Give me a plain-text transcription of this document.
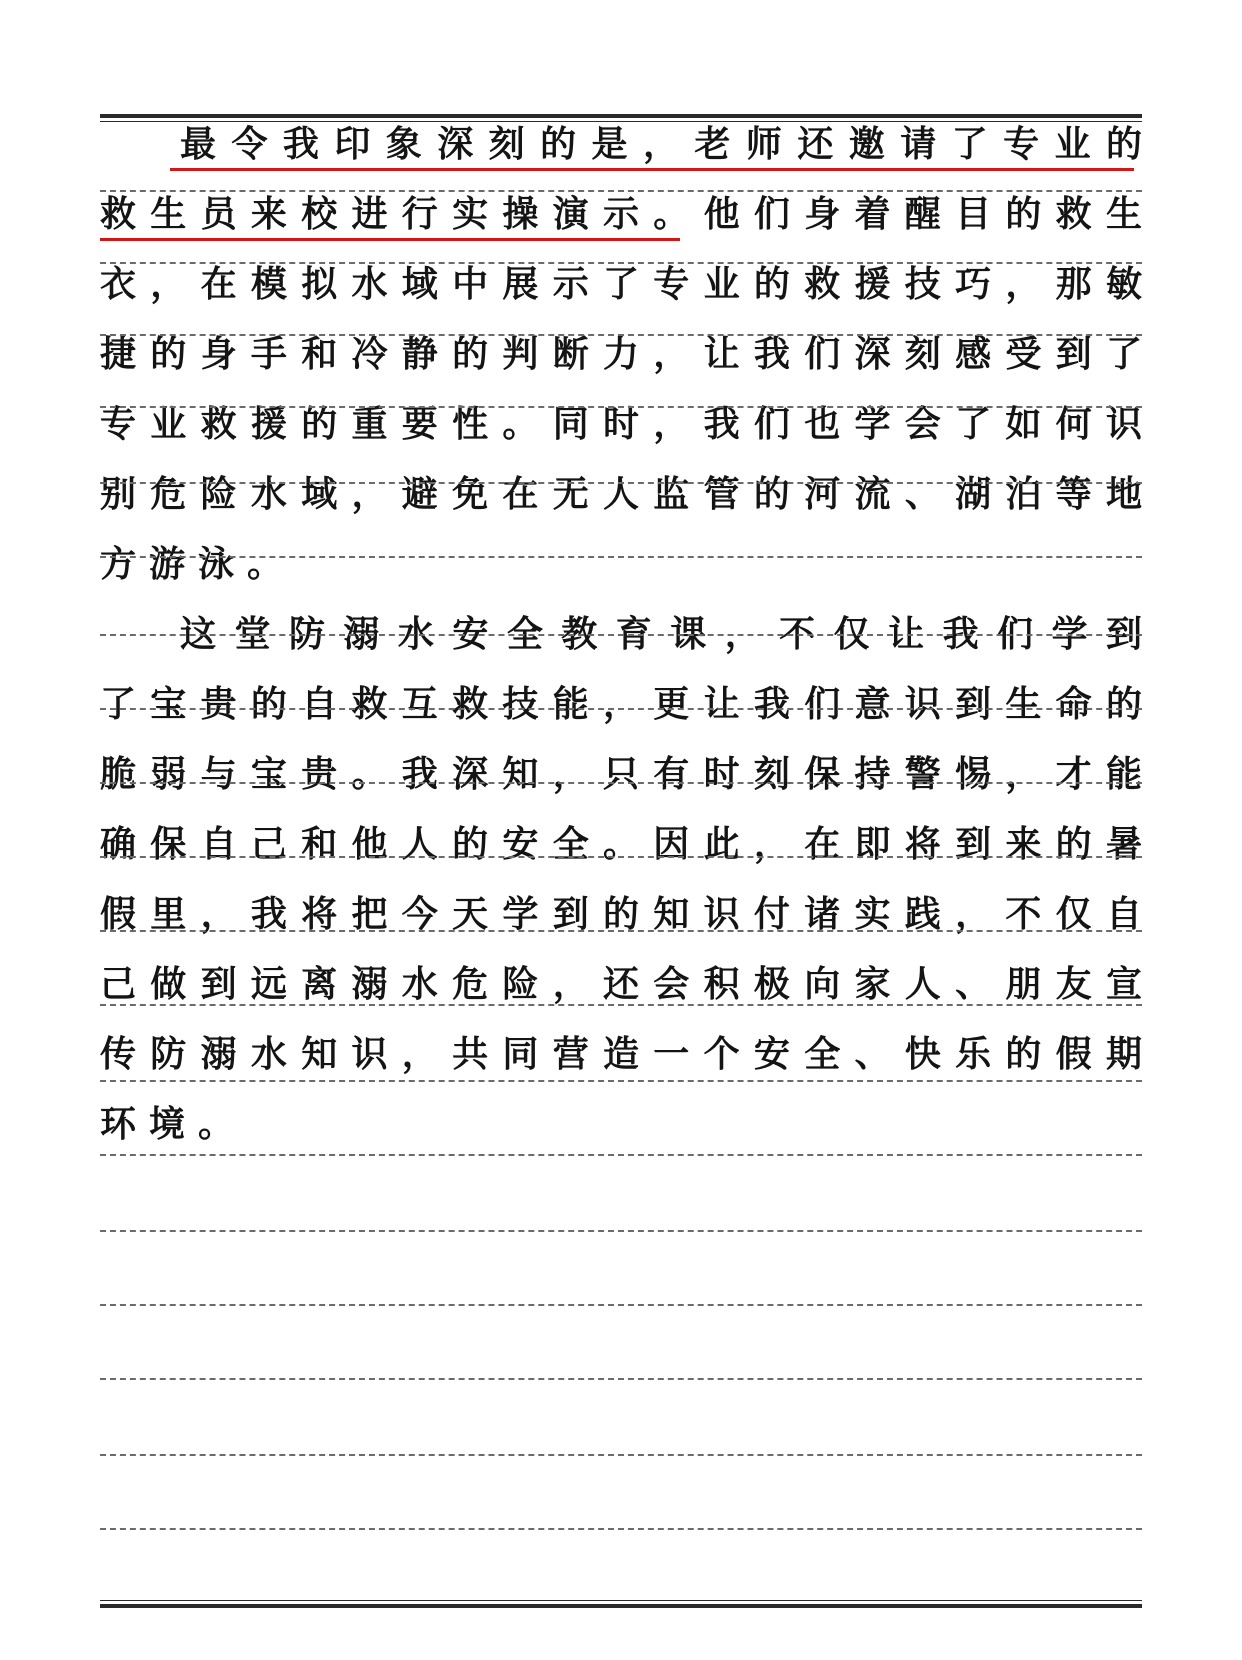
最令我印象深刻的是，老师还邀请了专业的
救生员来校进行实操演示。他们身着醒目的救生
衣，在模拟水域中展示了专业的救援技巧，那敏
捷的身手和冷静的判断力，让我们深刻感受到了
专业救援的重要性。同时，我们也学会了如何识
别危险水域，避免在无人监管的河流、湖泊等地
方游泳。
这堂防溺水安全教育课，不仅让我们学到
了宝贵的自救互救技能，更让我们意识到生命的
脆弱与宝贵。我深知，只有时刻保持警惕，才能
确保自己和他人的安全。因此，在即将到来的暑
假里，我将把今天学到的知识付诸实践，不仅自
己做到远离溺水危险，还会积极向家人、朋友宣
传防溺水知识，共同营造一个安全、快乐的假期
环境。
